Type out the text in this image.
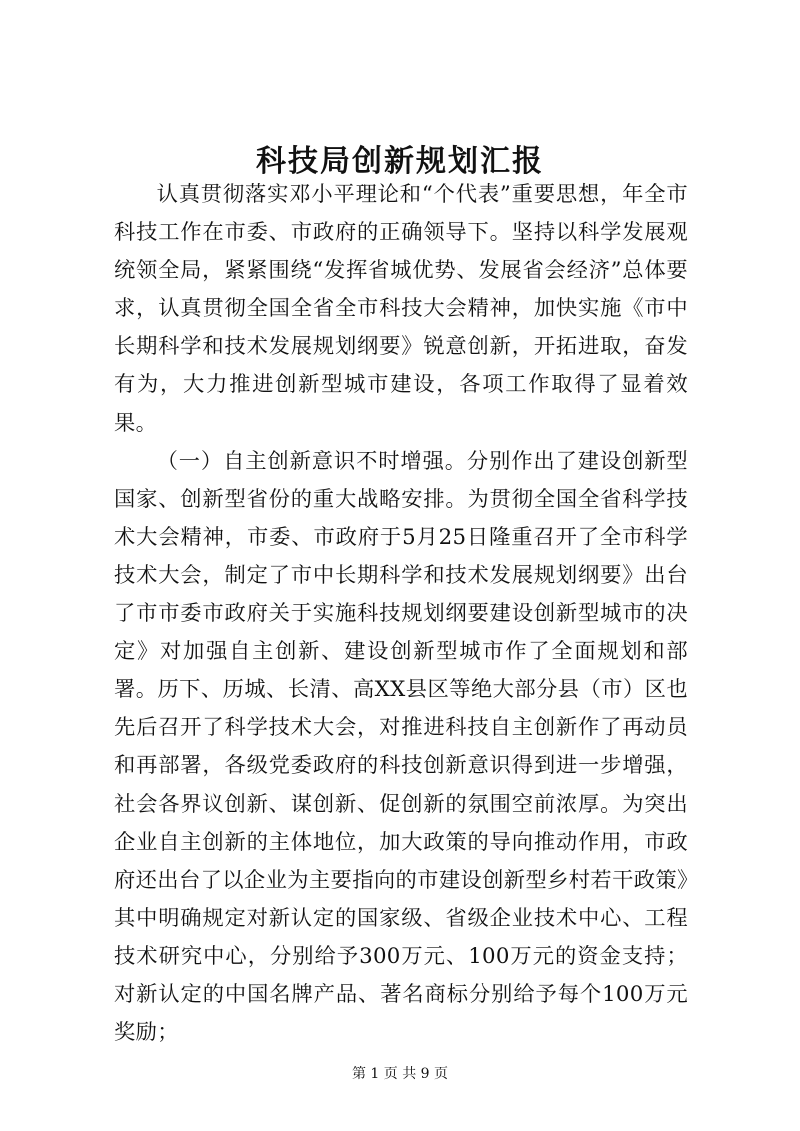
科技局创新规划汇报

认真贯彻落实邓小平理论和“个代表”重要思想，年全市科技工作在市委、市政府的正确领导下。坚持以科学发展观统领全局，紧紧围绕“发挥省城优势、发展省会经济”总体要求，认真贯彻全国全省全市科技大会精神，加快实施《市中长期科学和技术发展规划纲要》锐意创新，开拓进取，奋发有为，大力推进创新型城市建设，各项工作取得了显着效果。

（一）自主创新意识不时增强。分别作出了建设创新型国家、创新型省份的重大战略安排。为贯彻全国全省科学技术大会精神，市委、市政府于5月25日隆重召开了全市科学技术大会，制定了市中长期科学和技术发展规划纲要》出台了市市委市政府关于实施科技规划纲要建设创新型城市的决定》对加强自主创新、建设创新型城市作了全面规划和部署。历下、历城、长清、高XX县区等绝大部分县（市）区也先后召开了科学技术大会，对推进科技自主创新作了再动员和再部署，各级党委政府的科技创新意识得到进一步增强，社会各界议创新、谋创新、促创新的氛围空前浓厚。为突出企业自主创新的主体地位，加大政策的导向推动作用，市政府还出台了以企业为主要指向的市建设创新型乡村若干政策》其中明确规定对新认定的国家级、省级企业技术中心、工程技术研究中心，分别给予300万元、100万元的资金支持；对新认定的中国名牌产品、著名商标分别给予每个100万元奖励；

第 1 页 共 9 页
